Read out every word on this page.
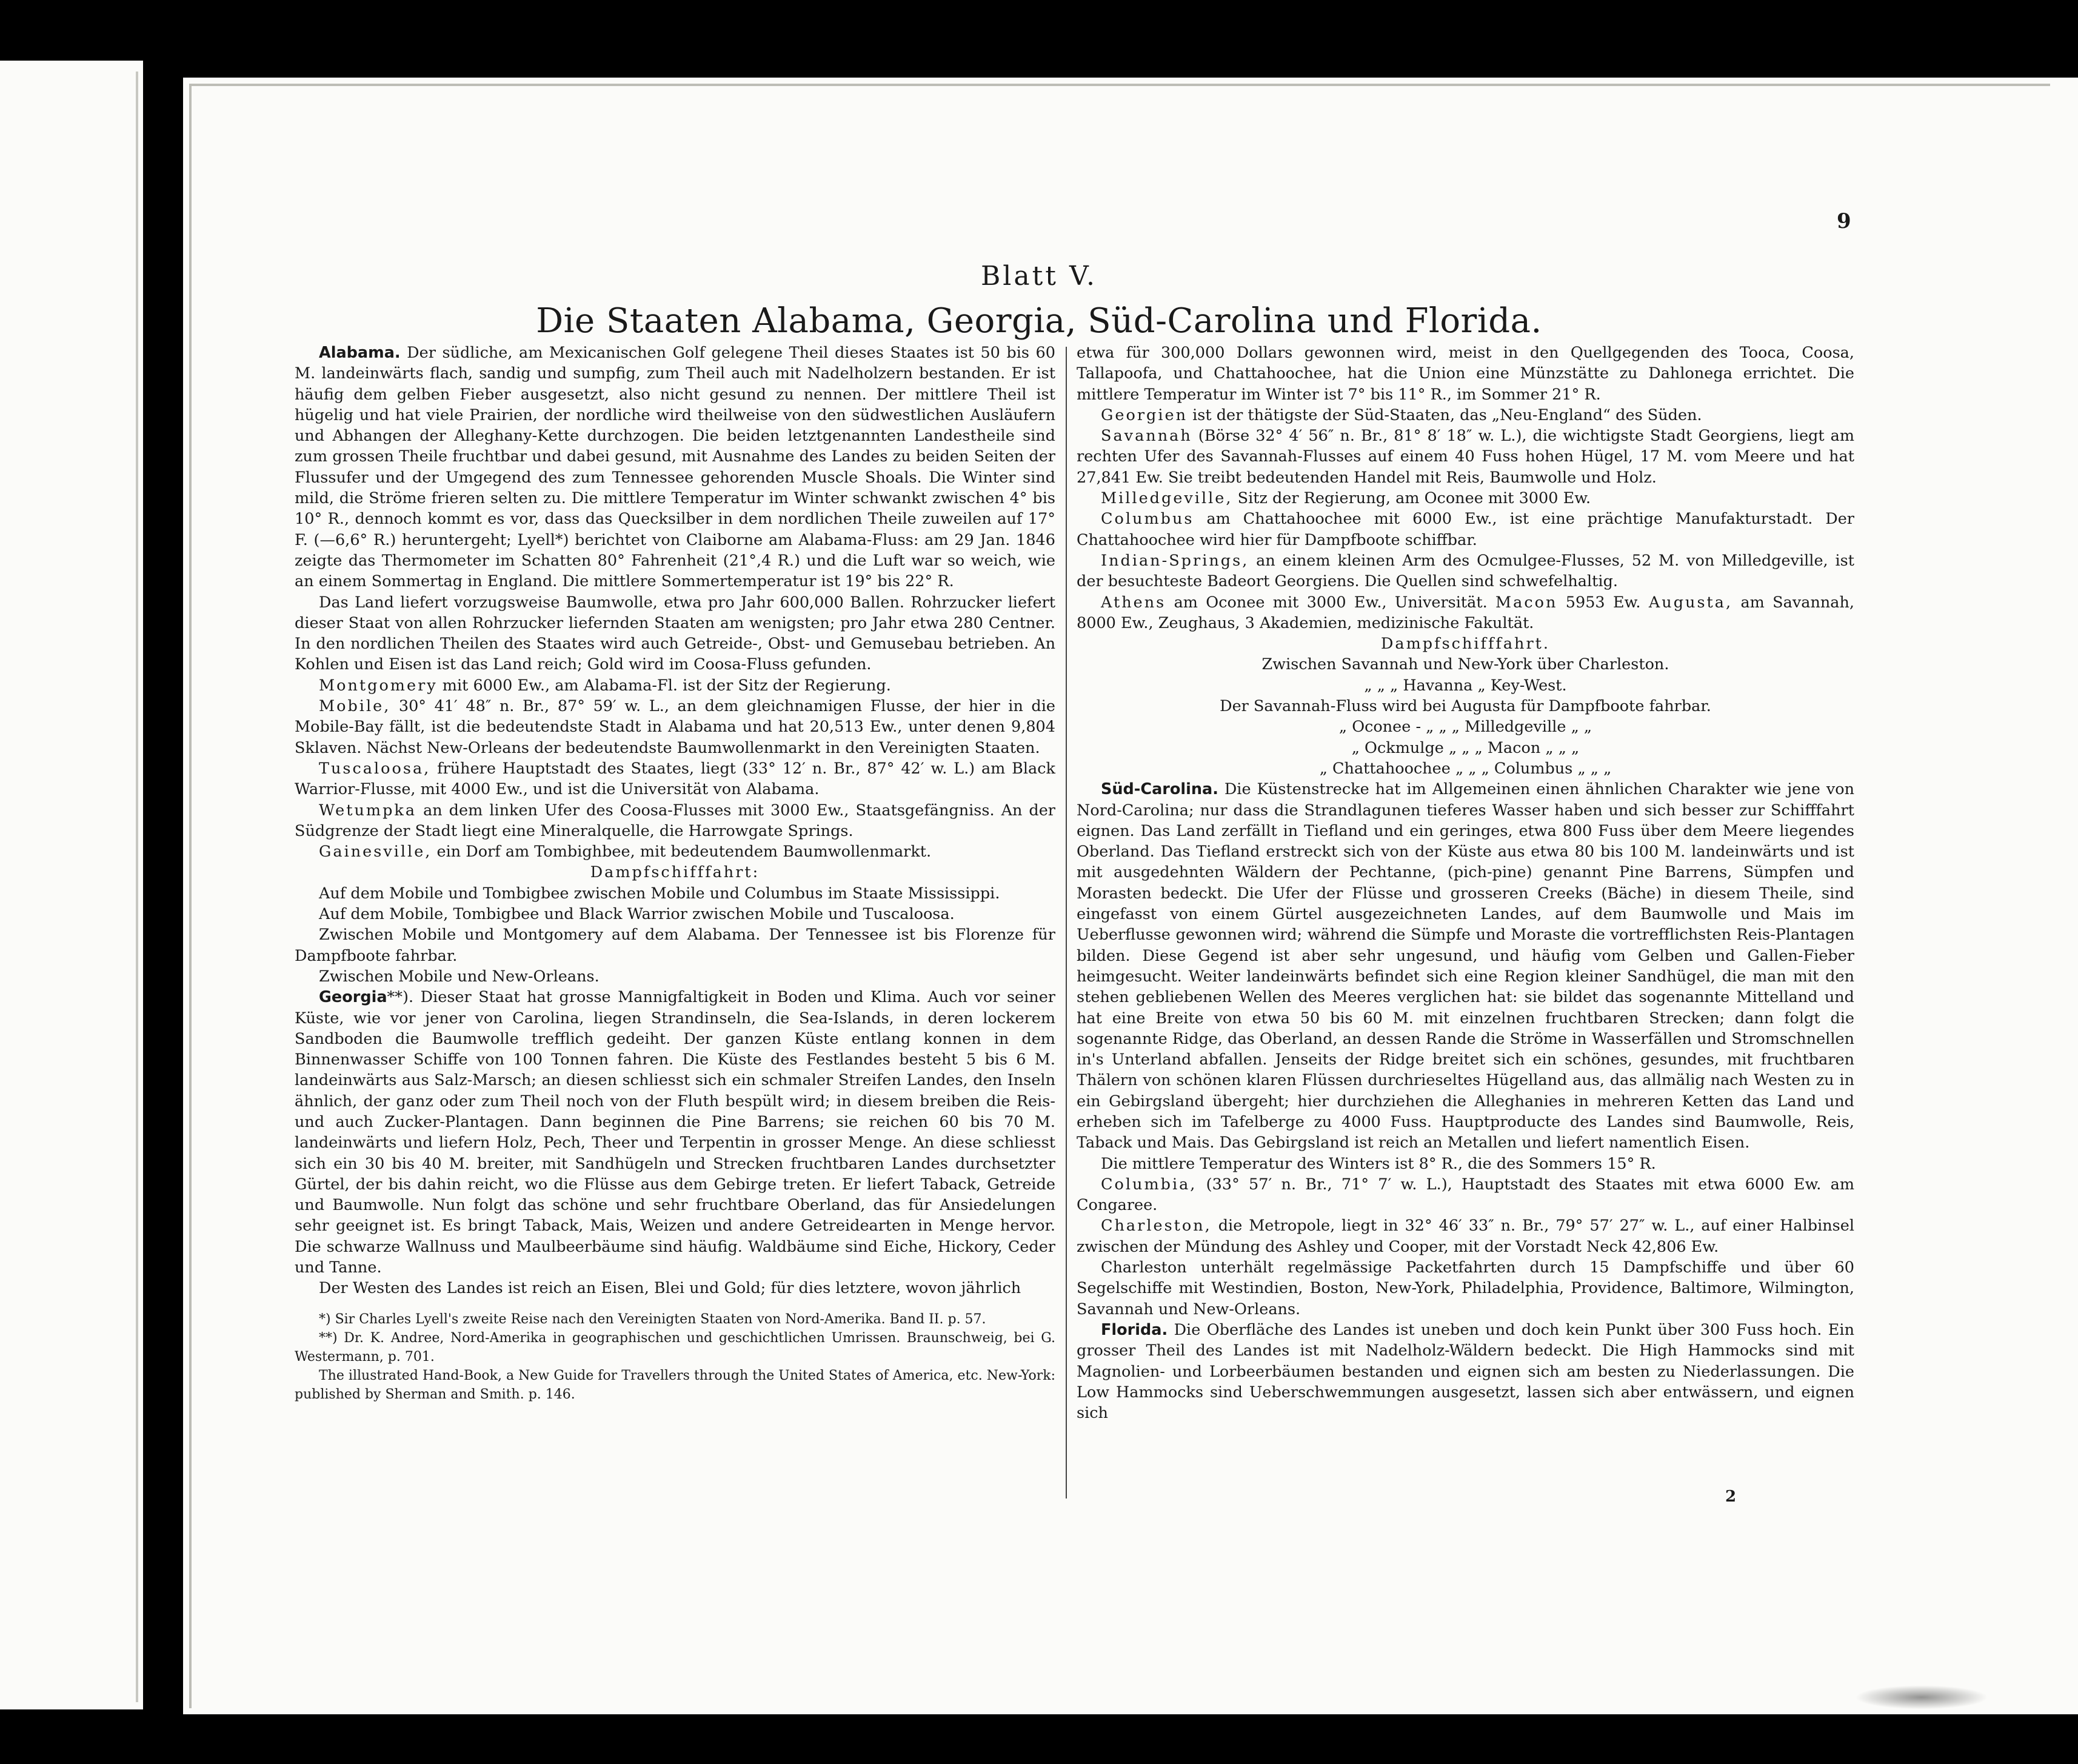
9
Blatt V.
Die Staaten Alabama, Georgia, Süd-Carolina und Florida.

Alabama. Der südliche, am Mexicanischen Golf gelegene Theil dieses Staates ist 50 bis 60 M. landeinwärts flach, sandig und sumpfig, zum Theil auch mit Nadelholzern bestanden. Er ist häufig dem gelben Fieber ausgesetzt, also nicht gesund zu nennen. Der mittlere Theil ist hügelig und hat viele Prairien, der nordliche wird theilweise von den südwestlichen Ausläufern und Abhangen der Alleghany-Kette durchzogen. Die beiden letztgenannten Landestheile sind zum grossen Theile fruchtbar und dabei gesund, mit Ausnahme des Landes zu beiden Seiten der Flussufer und der Umgegend des zum Tennessee gehorenden Muscle Shoals. Die Winter sind mild, die Ströme frieren selten zu. Die mittlere Temperatur im Winter schwankt zwischen 4° bis 10° R., dennoch kommt es vor, dass das Quecksilber in dem nordlichen Theile zuweilen auf 17° F. (—6,6° R.) heruntergeht; Lyell*) berichtet von Claiborne am Alabama-Fluss: am 29 Jan. 1846 zeigte das Thermometer im Schatten 80° Fahrenheit (21°,4 R.) und die Luft war so weich, wie an einem Sommertag in England. Die mittlere Sommertemperatur ist 19° bis 22° R.

Das Land liefert vorzugsweise Baumwolle, etwa pro Jahr 600,000 Ballen. Rohrzucker liefert dieser Staat von allen Rohrzucker liefernden Staaten am wenigsten; pro Jahr etwa 280 Centner. In den nordlichen Theilen des Staates wird auch Getreide-, Obst- und Gemusebau betrieben. An Kohlen und Eisen ist das Land reich; Gold wird im Coosa-Fluss gefunden.

Montgomery mit 6000 Ew., am Alabama-Fl. ist der Sitz der Regierung.

Mobile, 30° 41′ 48″ n. Br., 87° 59′ w. L., an dem gleichnamigen Flusse, der hier in die Mobile-Bay fällt, ist die bedeutendste Stadt in Alabama und hat 20,513 Ew., unter denen 9,804 Sklaven. Nächst New-Orleans der bedeutendste Baumwollenmarkt in den Vereinigten Staaten.

Tuscaloosa, frühere Hauptstadt des Staates, liegt (33° 12′ n. Br., 87° 42′ w. L.) am Black Warrior-Flusse, mit 4000 Ew., und ist die Universität von Alabama.

Wetumpka an dem linken Ufer des Coosa-Flusses mit 3000 Ew., Staatsgefängniss. An der Südgrenze der Stadt liegt eine Mineralquelle, die Harrowgate Springs.

Gainesville, ein Dorf am Tombighbee, mit bedeutendem Baumwollenmarkt.

Dampfschifffahrt:

Auf dem Mobile und Tombigbee zwischen Mobile und Columbus im Staate Mississippi.

Auf dem Mobile, Tombigbee und Black Warrior zwischen Mobile und Tuscaloosa.

Zwischen Mobile und Montgomery auf dem Alabama. Der Tennessee ist bis Florenze für Dampfboote fahrbar.

Zwischen Mobile und New-Orleans.

Georgia**). Dieser Staat hat grosse Mannigfaltigkeit in Boden und Klima. Auch vor seiner Küste, wie vor jener von Carolina, liegen Strandinseln, die Sea-Islands, in deren lockerem Sandboden die Baumwolle trefflich gedeiht. Der ganzen Küste entlang konnen in dem Binnenwasser Schiffe von 100 Tonnen fahren. Die Küste des Festlandes besteht 5 bis 6 M. landeinwärts aus Salz-Marsch; an diesen schliesst sich ein schmaler Streifen Landes, den Inseln ähnlich, der ganz oder zum Theil noch von der Fluth bespült wird; in diesem breiben die Reis- und auch Zucker-Plantagen. Dann beginnen die Pine Barrens; sie reichen 60 bis 70 M. landeinwärts und liefern Holz, Pech, Theer und Terpentin in grosser Menge. An diese schliesst sich ein 30 bis 40 M. breiter, mit Sandhügeln und Strecken fruchtbaren Landes durchsetzter Gürtel, der bis dahin reicht, wo die Flüsse aus dem Gebirge treten. Er liefert Taback, Getreide und Baumwolle. Nun folgt das schöne und sehr fruchtbare Oberland, das für Ansiedelungen sehr geeignet ist. Es bringt Taback, Mais, Weizen und andere Getreidearten in Menge hervor. Die schwarze Wallnuss und Maulbeerbäume sind häufig. Waldbäume sind Eiche, Hickory, Ceder und Tanne.

Der Westen des Landes ist reich an Eisen, Blei und Gold; für dies letztere, wovon jährlich

*) Sir Charles Lyell's zweite Reise nach den Vereinigten Staaten von Nord-Amerika. Band II. p. 57.

**) Dr. K. Andree, Nord-Amerika in geographischen und geschichtlichen Umrissen. Braunschweig, bei G. Westermann, p. 701.

The illustrated Hand-Book, a New Guide for Travellers through the United States of America, etc. New-York: published by Sherman and Smith. p. 146.

etwa für 300,000 Dollars gewonnen wird, meist in den Quellgegenden des Tooca, Coosa, Tallapoofa, und Chattahoochee, hat die Union eine Münzstätte zu Dahlonega errichtet. Die mittlere Temperatur im Winter ist 7° bis 11° R., im Sommer 21° R.

Georgien ist der thätigste der Süd-Staaten, das „Neu-England“ des Süden.

Savannah (Börse 32° 4′ 56″ n. Br., 81° 8′ 18″ w. L.), die wichtigste Stadt Georgiens, liegt am rechten Ufer des Savannah-Flusses auf einem 40 Fuss hohen Hügel, 17 M. vom Meere und hat 27,841 Ew. Sie treibt bedeutenden Handel mit Reis, Baumwolle und Holz.

Milledgeville, Sitz der Regierung, am Oconee mit 3000 Ew.

Columbus am Chattahoochee mit 6000 Ew., ist eine prächtige Manufakturstadt. Der Chattahoochee wird hier für Dampfboote schiffbar.

Indian-Springs, an einem kleinen Arm des Ocmulgee-Flusses, 52 M. von Milledgeville, ist der besuchteste Badeort Georgiens. Die Quellen sind schwefelhaltig.

Athens am Oconee mit 3000 Ew., Universität. Macon 5953 Ew. Augusta, am Savannah, 8000 Ew., Zeughaus, 3 Akademien, medizinische Fakultät.

Dampfschifffahrt.

Zwischen Savannah und New-York über Charleston.

„ „ „ Havanna „ Key-West.

Der Savannah-Fluss wird bei Augusta für Dampfboote fahrbar.

„ Oconee - „ „ „ Milledgeville „ „

„ Ockmulge „ „ „ Macon „ „ „

„ Chattahoochee „ „ „ Columbus „ „ „

Süd-Carolina. Die Küstenstrecke hat im Allgemeinen einen ähnlichen Charakter wie jene von Nord-Carolina; nur dass die Strandlagunen tieferes Wasser haben und sich besser zur Schifffahrt eignen. Das Land zerfällt in Tiefland und ein geringes, etwa 800 Fuss über dem Meere liegendes Oberland. Das Tiefland erstreckt sich von der Küste aus etwa 80 bis 100 M. landeinwärts und ist mit ausgedehnten Wäldern der Pechtanne, (pich-pine) genannt Pine Barrens, Sümpfen und Morasten bedeckt. Die Ufer der Flüsse und grosseren Creeks (Bäche) in diesem Theile, sind eingefasst von einem Gürtel ausgezeichneten Landes, auf dem Baumwolle und Mais im Ueberflusse gewonnen wird; während die Sümpfe und Moraste die vortrefflichsten Reis-Plantagen bilden. Diese Gegend ist aber sehr ungesund, und häufig vom Gelben und Gallen-Fieber heimgesucht. Weiter landeinwärts befindet sich eine Region kleiner Sandhügel, die man mit den stehen gebliebenen Wellen des Meeres verglichen hat: sie bildet das sogenannte Mittelland und hat eine Breite von etwa 50 bis 60 M. mit einzelnen fruchtbaren Strecken; dann folgt die sogenannte Ridge, das Oberland, an dessen Rande die Ströme in Wasserfällen und Stromschnellen in's Unterland abfallen. Jenseits der Ridge breitet sich ein schönes, gesundes, mit fruchtbaren Thälern von schönen klaren Flüssen durchrieseltes Hügelland aus, das allmälig nach Westen zu in ein Gebirgsland übergeht; hier durchziehen die Alleghanies in mehreren Ketten das Land und erheben sich im Tafelberge zu 4000 Fuss. Hauptproducte des Landes sind Baumwolle, Reis, Taback und Mais. Das Gebirgsland ist reich an Metallen und liefert namentlich Eisen.

Die mittlere Temperatur des Winters ist 8° R., die des Sommers 15° R.

Columbia, (33° 57′ n. Br., 71° 7′ w. L.), Hauptstadt des Staates mit etwa 6000 Ew. am Congaree.

Charleston, die Metropole, liegt in 32° 46′ 33″ n. Br., 79° 57′ 27″ w. L., auf einer Halbinsel zwischen der Mündung des Ashley und Cooper, mit der Vorstadt Neck 42,806 Ew.

Charleston unterhält regelmässige Packetfahrten durch 15 Dampfschiffe und über 60 Segelschiffe mit Westindien, Boston, New-York, Philadelphia, Providence, Baltimore, Wilmington, Savannah und New-Orleans.

Florida. Die Oberfläche des Landes ist uneben und doch kein Punkt über 300 Fuss hoch. Ein grosser Theil des Landes ist mit Nadelholz-Wäldern bedeckt. Die High Hammocks sind mit Magnolien- und Lorbeerbäumen bestanden und eignen sich am besten zu Niederlassungen. Die Low Hammocks sind Ueberschwemmungen ausgesetzt, lassen sich aber entwässern, und eignen sich

2
